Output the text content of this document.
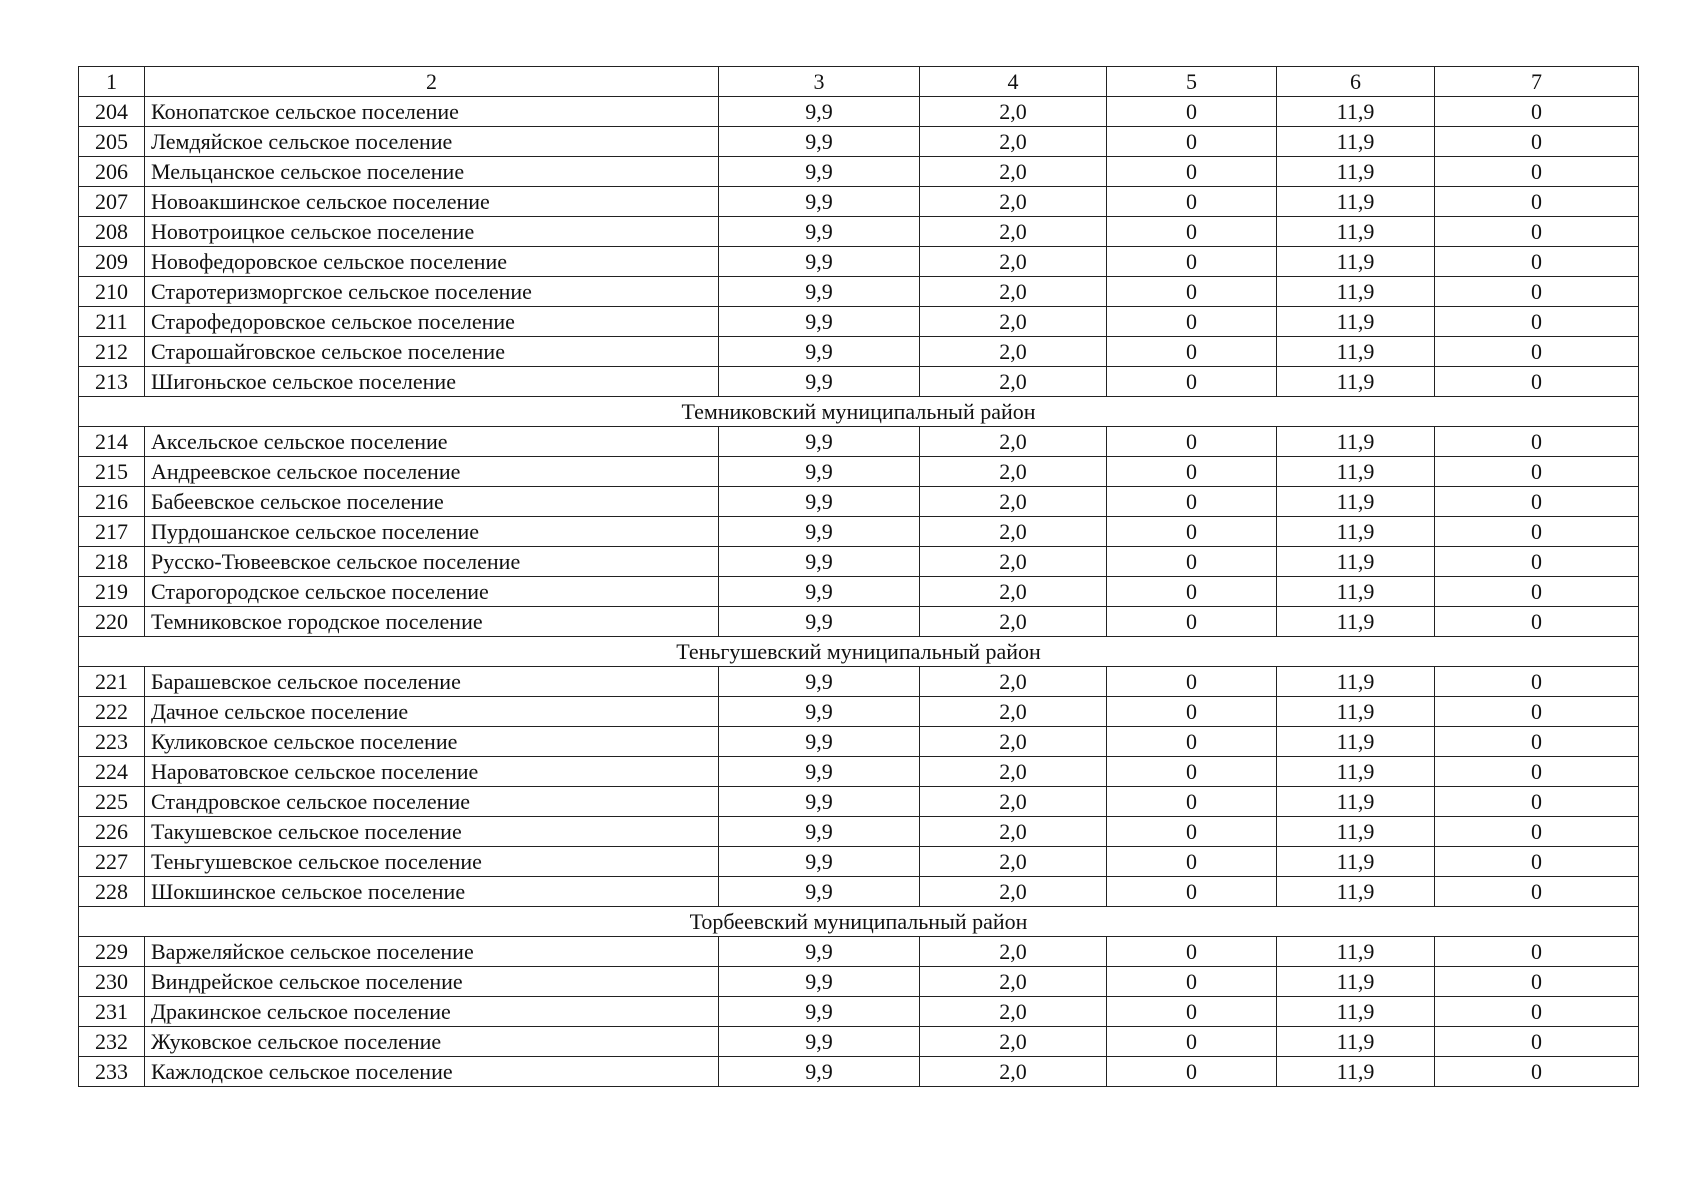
1	2	3	4	5	6	7
204	Конопатское сельское поселение	9,9	2,0	0	11,9	0
205	Лемдяйское сельское поселение	9,9	2,0	0	11,9	0
206	Мельцанское сельское поселение	9,9	2,0	0	11,9	0
207	Новоакшинское сельское поселение	9,9	2,0	0	11,9	0
208	Новотроицкое сельское поселение	9,9	2,0	0	11,9	0
209	Новофедоровское сельское поселение	9,9	2,0	0	11,9	0
210	Старотеризморгское сельское поселение	9,9	2,0	0	11,9	0
211	Старофедоровское сельское поселение	9,9	2,0	0	11,9	0
212	Старошайговское сельское поселение	9,9	2,0	0	11,9	0
213	Шигоньское сельское поселение	9,9	2,0	0	11,9	0
Темниковский муниципальный район						
214	Аксельское сельское поселение	9,9	2,0	0	11,9	0
215	Андреевское сельское поселение	9,9	2,0	0	11,9	0
216	Бабеевское сельское поселение	9,9	2,0	0	11,9	0
217	Пурдошанское сельское поселение	9,9	2,0	0	11,9	0
218	Русско-Тювеевское сельское поселение	9,9	2,0	0	11,9	0
219	Старогородское сельское поселение	9,9	2,0	0	11,9	0
220	Темниковское городское поселение	9,9	2,0	0	11,9	0
Теньгушевский муниципальный район						
221	Барашевское сельское поселение	9,9	2,0	0	11,9	0
222	Дачное сельское поселение	9,9	2,0	0	11,9	0
223	Куликовское сельское поселение	9,9	2,0	0	11,9	0
224	Нароватовское сельское поселение	9,9	2,0	0	11,9	0
225	Стандровское сельское поселение	9,9	2,0	0	11,9	0
226	Такушевское сельское поселение	9,9	2,0	0	11,9	0
227	Теньгушевское сельское поселение	9,9	2,0	0	11,9	0
228	Шокшинское сельское поселение	9,9	2,0	0	11,9	0
Торбеевский муниципальный район						
229	Варжеляйское сельское поселение	9,9	2,0	0	11,9	0
230	Виндрейское сельское поселение	9,9	2,0	0	11,9	0
231	Дракинское сельское поселение	9,9	2,0	0	11,9	0
232	Жуковское сельское поселение	9,9	2,0	0	11,9	0
233	Кажлодское сельское поселение	9,9	2,0	0	11,9	0
